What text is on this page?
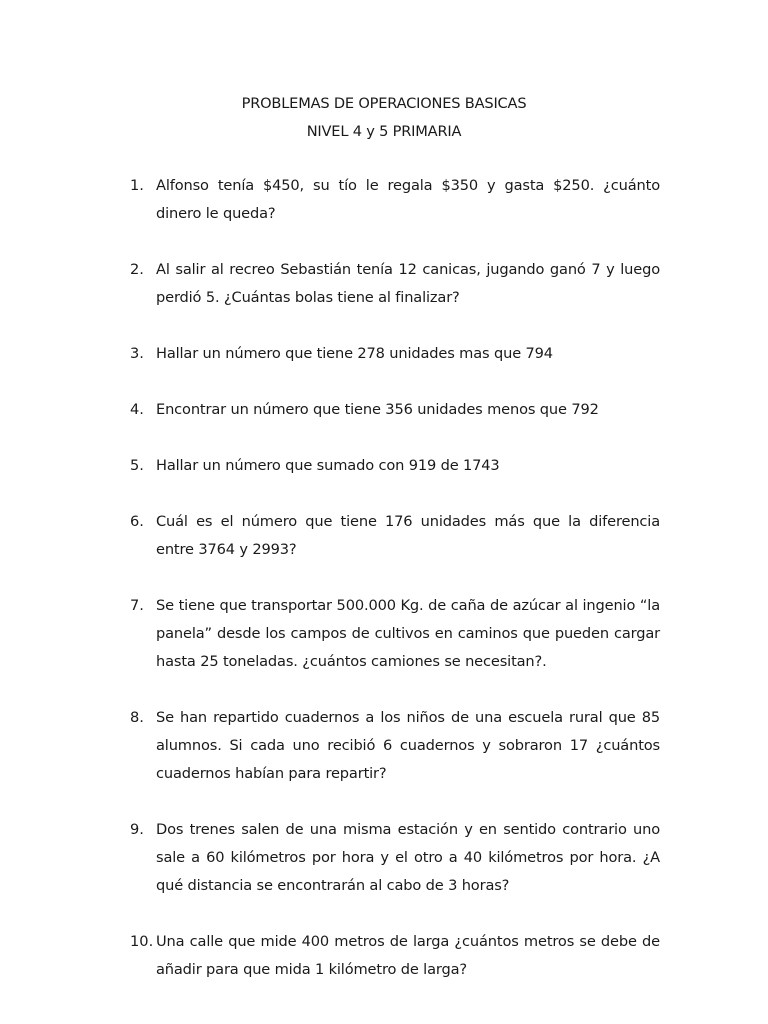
PROBLEMAS DE OPERACIONES BASICAS
NIVEL 4 y 5 PRIMARIA
1. Alfonso tenía $450, su tío le regala $350 y gasta $250. ¿cuánto dinero le queda?
2. Al salir al recreo Sebastián tenía 12 canicas, jugando ganó 7 y luego perdió 5. ¿Cuántas bolas tiene al finalizar?
3. Hallar un número que tiene 278 unidades mas que 794
4. Encontrar un número que tiene 356 unidades menos que 792
5. Hallar un número que sumado con 919 de 1743
6. Cuál es el número que tiene 176 unidades más que la diferencia entre 3764 y 2993?
7. Se tiene que transportar 500.000 Kg. de caña de azúcar al ingenio “la panela” desde los campos de cultivos en caminos que pueden cargar hasta 25 toneladas. ¿cuántos camiones se necesitan?.
8. Se han repartido cuadernos a los niños de una escuela rural que 85 alumnos. Si cada uno recibió 6 cuadernos y sobraron 17 ¿cuántos cuadernos habían para repartir?
9. Dos trenes salen de una misma estación y en sentido contrario uno sale a 60 kilómetros por hora y el otro a 40 kilómetros por hora. ¿A qué distancia se encontrarán al cabo de 3 horas?
10. Una calle que mide 400 metros de larga ¿cuántos metros se debe de añadir para que mida 1 kilómetro de larga?
